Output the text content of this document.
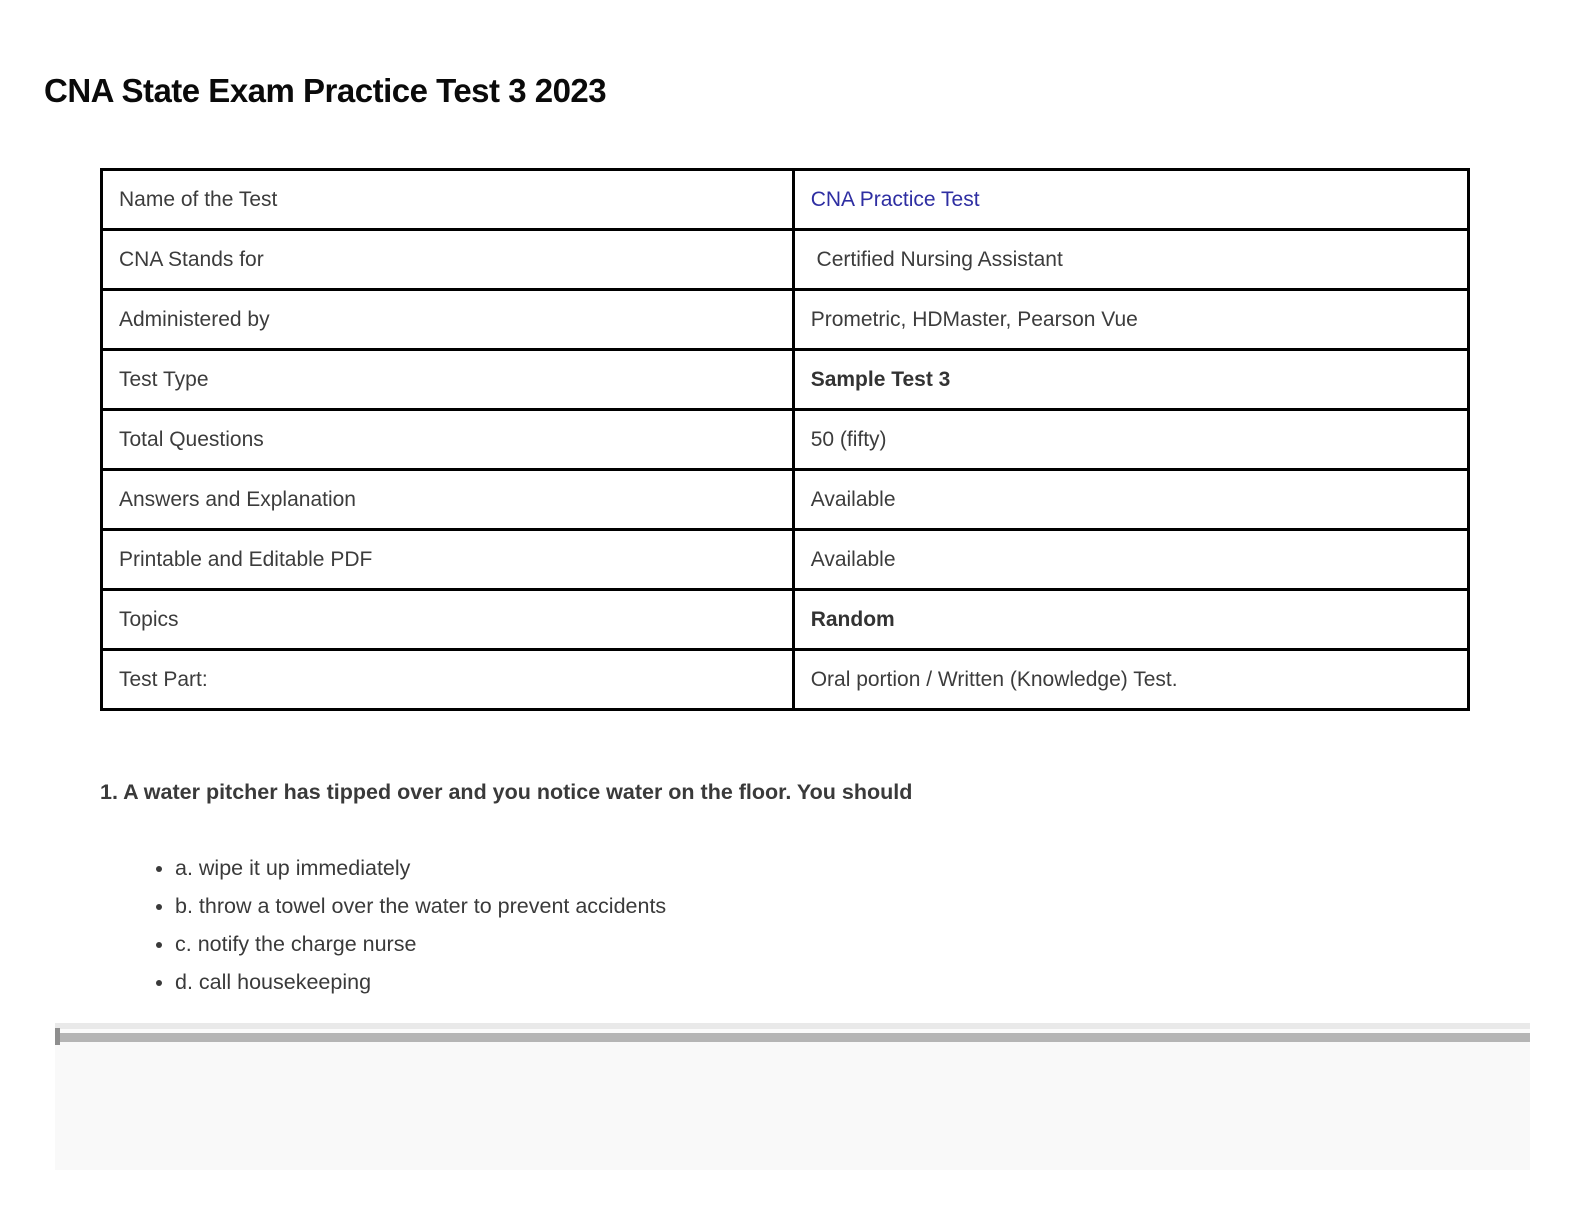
CNA State Exam Practice Test 3 2023
Name of the Test	CNA Practice Test
CNA Stands for	Certified Nursing Assistant
Administered by	Prometric, HDMaster, Pearson Vue
Test Type	Sample Test 3
Total Questions	50 (fifty)
Answers and Explanation	Available
Printable and Editable PDF	Available
Topics	Random
Test Part:	Oral portion / Written (Knowledge) Test.
1. A water pitcher has tipped over and you notice water on the floor. You should
• a. wipe it up immediately
• b. throw a towel over the water to prevent accidents
• c. notify the charge nurse
• d. call housekeeping
